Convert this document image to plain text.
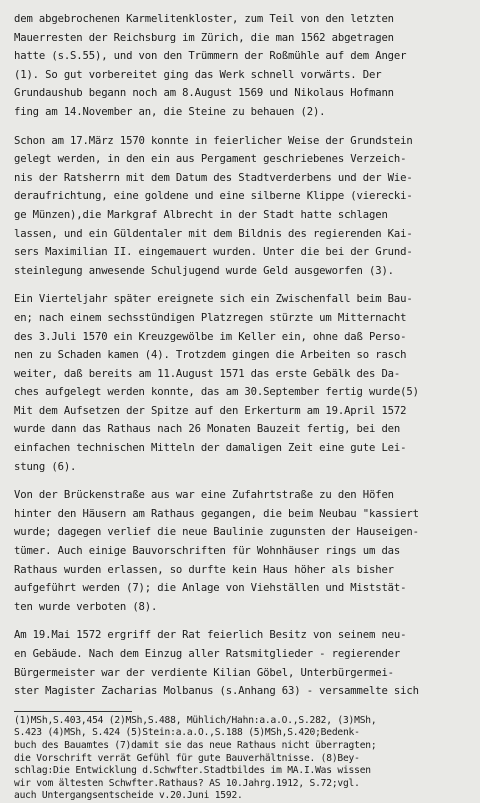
dem abgebrochenen Karmelitenkloster, zum Teil von den letzten
Mauerresten der Reichsburg im Zürich, die man 1562 abgetragen
hatte (s.S.55), und von den Trümmern der Roßmühle auf dem Anger
(1). So gut vorbereitet ging das Werk schnell vorwärts. Der
Grundaushub begann noch am 8.August 1569 und Nikolaus Hofmann
fing am 14.November an, die Steine zu behauen (2).
Schon am 17.März 1570 konnte in feierlicher Weise der Grundstein
gelegt werden, in den ein aus Pergament geschriebenes Verzeich-
nis der Ratsherrn mit dem Datum des Stadtverderbens und der Wie-
deraufrichtung, eine goldene und eine silberne Klippe (vierecki-
ge Münzen),die Markgraf Albrecht in der Stadt hatte schlagen
lassen, und ein Güldentaler mit dem Bildnis des regierenden Kai-
sers Maximilian II. eingemauert wurden. Unter die bei der Grund-
steinlegung anwesende Schuljugend wurde Geld ausgeworfen (3).
Ein Vierteljahr später ereignete sich ein Zwischenfall beim Bau-
en; nach einem sechsstündigen Platzregen stürzte um Mitternacht
des 3.Juli 1570 ein Kreuzgewölbe im Keller ein, ohne daß Perso-
nen zu Schaden kamen (4). Trotzdem gingen die Arbeiten so rasch
weiter, daß bereits am 11.August 1571 das erste Gebälk des Da-
ches aufgelegt werden konnte, das am 30.September fertig wurde(5)
Mit dem Aufsetzen der Spitze auf den Erkerturm am 19.April 1572
wurde dann das Rathaus nach 26 Monaten Bauzeit fertig, bei den
einfachen technischen Mitteln der damaligen Zeit eine gute Lei-
stung (6).
Von der Brückenstraße aus war eine Zufahrtstraße zu den Höfen
hinter den Häusern am Rathaus gegangen, die beim Neubau "kassiert
wurde; dagegen verlief die neue Baulinie zugunsten der Hauseigen-
tümer. Auch einige Bauvorschriften für Wohnhäuser rings um das
Rathaus wurden erlassen, so durfte kein Haus höher als bisher
aufgeführt werden (7); die Anlage von Viehställen und Miststät-
ten wurde verboten (8).
Am 19.Mai 1572 ergriff der Rat feierlich Besitz von seinem neu-
en Gebäude. Nach dem Einzug aller Ratsmitglieder - regierender
Bürgermeister war der verdiente Kilian Göbel, Unterbürgermei-
ster Magister Zacharias Molbanus (s.Anhang 63) - versammelte sich
(1)MSh,S.403,454 (2)MSh,S.488, Mühlich/Hahn:a.a.O.,S.282, (3)MSh,
S.423 (4)MSh, S.424 (5)Stein:a.a.O.,S.188 (5)MSh,S.420;Bedenk-
buch des Bauamtes (7)damit sie das neue Rathaus nicht überragten;
die Vorschrift verrät Gefühl für gute Bauverhältnisse. (8)Bey-
schlag:Die Entwicklung d.Schwfter.Stadtbildes im MA.I.Was wissen
wir vom ältesten Schwfter.Rathaus? AS 10.Jahrg.1912, S.72;vgl.
auch Untergangsentscheide v.20.Juni 1592.
